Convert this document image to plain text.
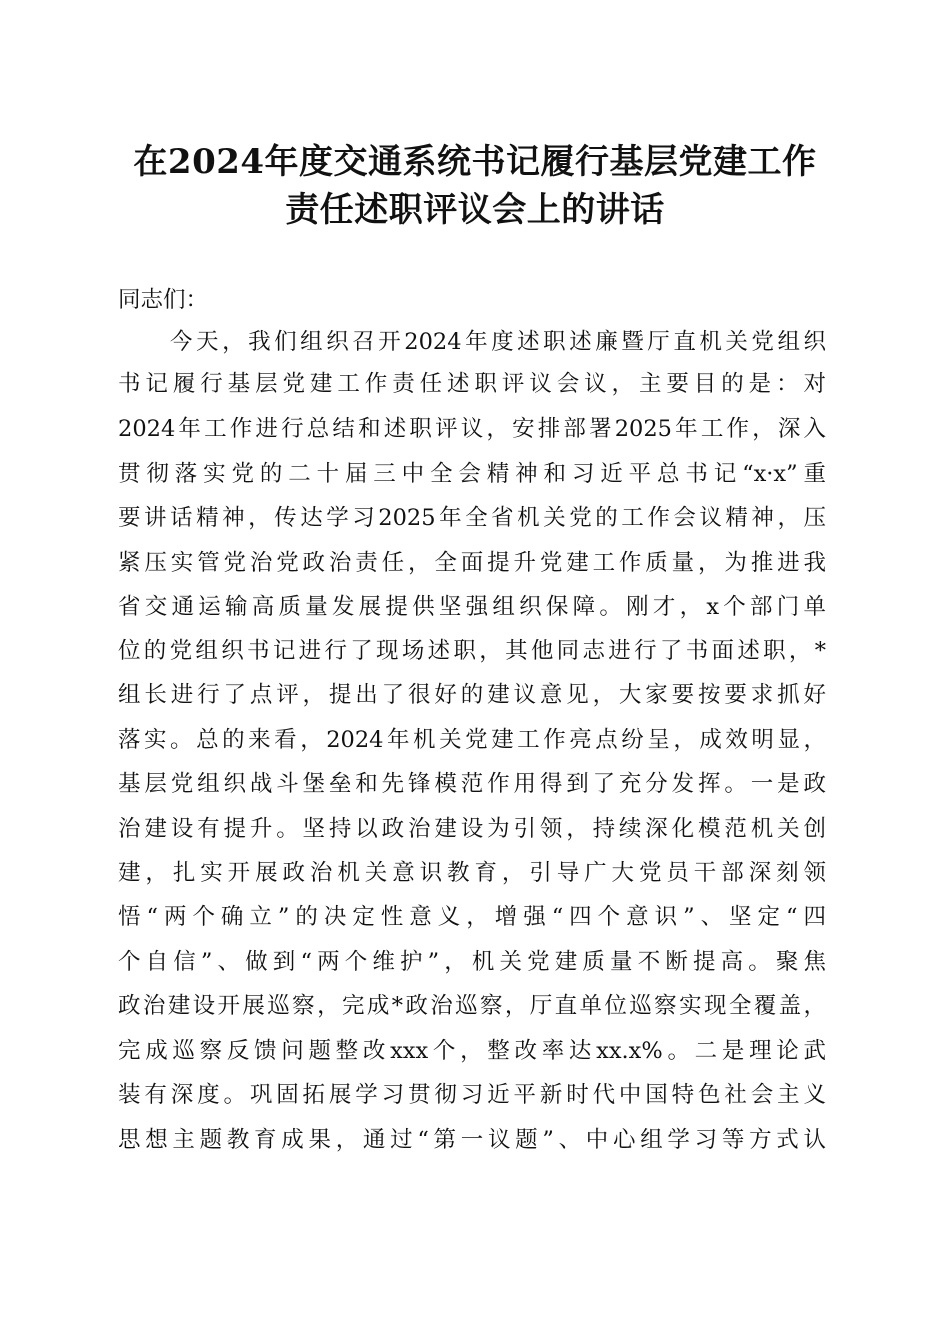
在2024年度交通系统书记履行基层党建工作
责任述职评议会上的讲话
同志们：
今天，我们组织召开2024年度述职述廉暨厅直机关党组织
书记履行基层党建工作责任述职评议会议，主要目的是：对
2024年工作进行总结和述职评议，安排部署2025年工作，深入
贯彻落实党的二十届三中全会精神和习近平总书记“x·x”重
要讲话精神，传达学习2025年全省机关党的工作会议精神，压
紧压实管党治党政治责任，全面提升党建工作质量，为推进我
省交通运输高质量发展提供坚强组织保障。刚才，x个部门单
位的党组织书记进行了现场述职，其他同志进行了书面述职，*
组长进行了点评，提出了很好的建议意见，大家要按要求抓好
落实。总的来看，2024年机关党建工作亮点纷呈，成效明显，
基层党组织战斗堡垒和先锋模范作用得到了充分发挥。一是政
治建设有提升。坚持以政治建设为引领，持续深化模范机关创
建，扎实开展政治机关意识教育，引导广大党员干部深刻领
悟“两个确立”的决定性意义，增强“四个意识”、坚定“四
个自信”、做到“两个维护”，机关党建质量不断提高。聚焦
政治建设开展巡察，完成*政治巡察，厅直单位巡察实现全覆盖，
完成巡察反馈问题整改xxx个，整改率达xx.x%。二是理论武
装有深度。巩固拓展学习贯彻习近平新时代中国特色社会主义
思想主题教育成果，通过“第一议题”、中心组学习等方式认
